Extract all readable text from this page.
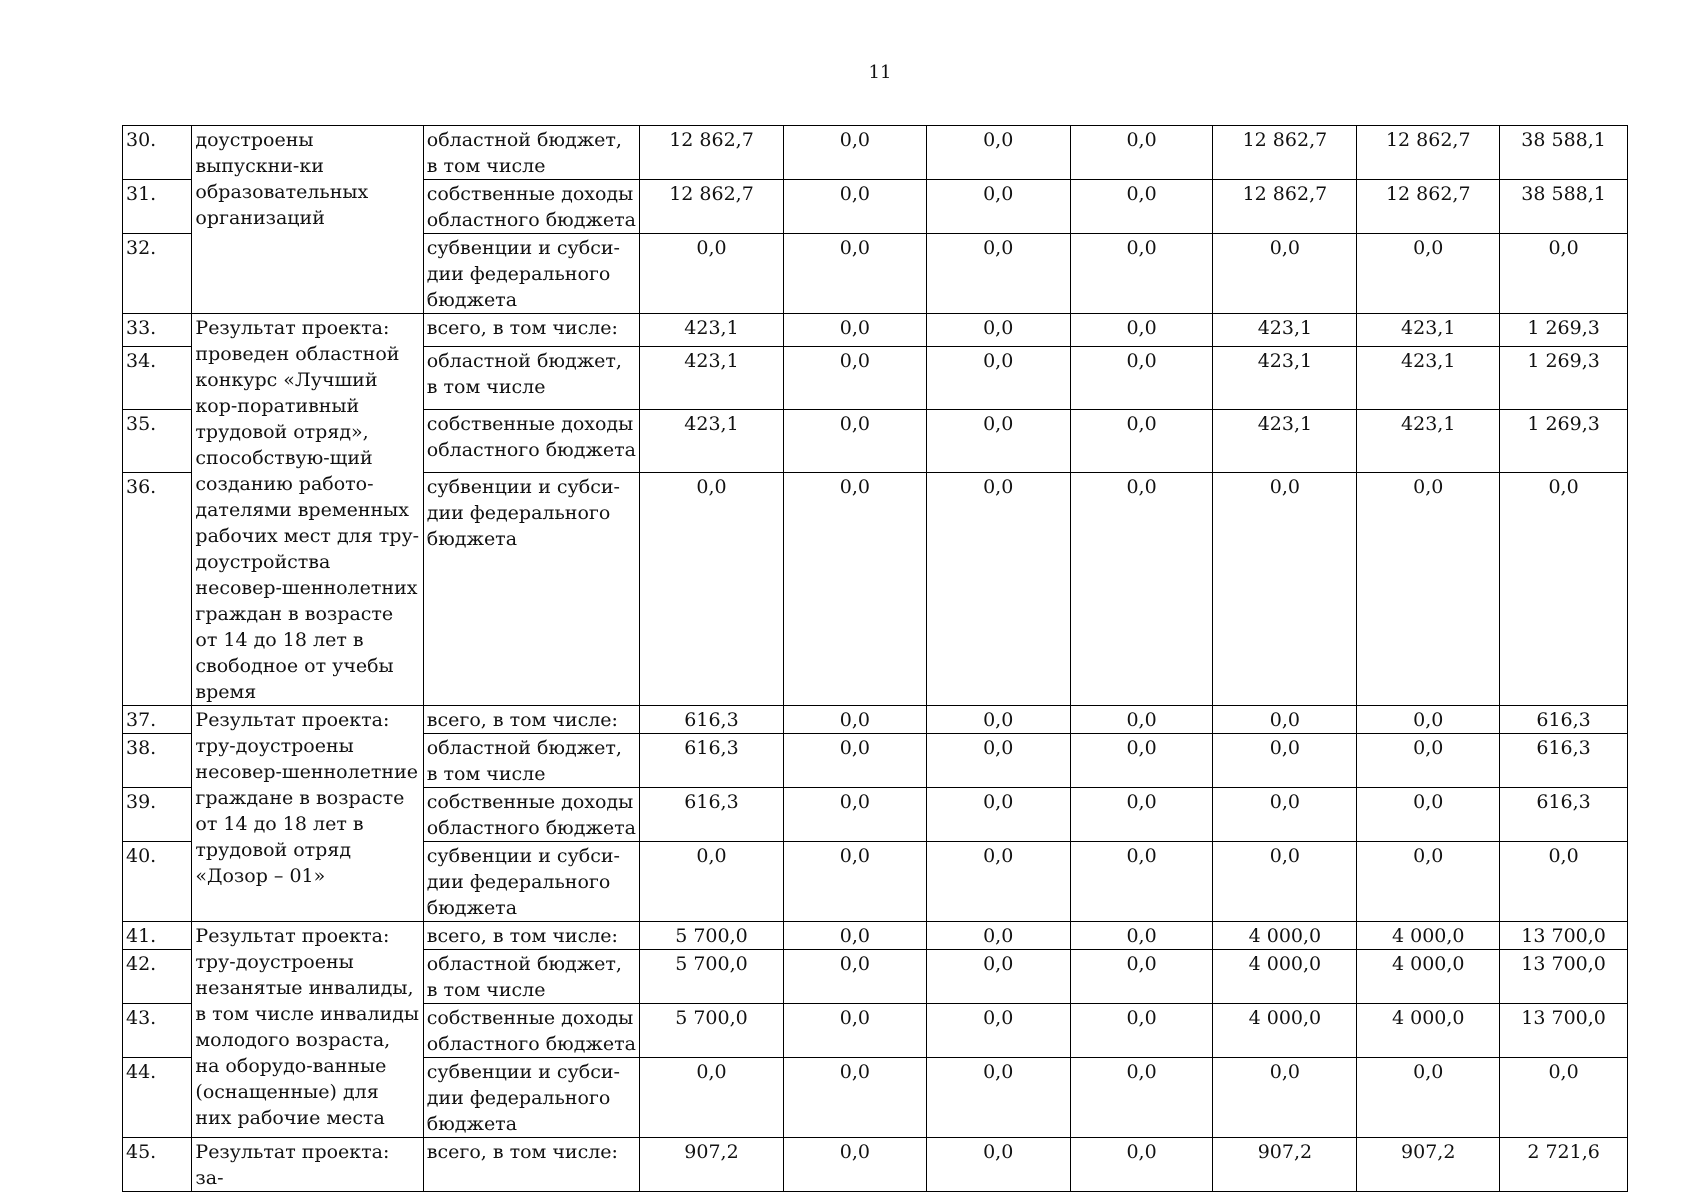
11
30.	доустроены выпускни-ки образовательных организаций	областной бюджет, в том числе	12 862,7	0,0	0,0	0,0	12 862,7	12 862,7	38 588,1
31.		собственные доходы областного бюджета	12 862,7	0,0	0,0	0,0	12 862,7	12 862,7	38 588,1
32.		субвенции и субси-дии федерального бюджета	0,0	0,0	0,0	0,0	0,0	0,0	0,0
33.	Результат проекта: проведен областной конкурс «Лучший кор-поративный трудовой отряд», способствую-щий созданию работо-дателями временных рабочих мест для тру-доустройства несовер-шеннолетних граждан в возрасте от 14 до 18 лет в свободное от учебы время	всего, в том числе:	423,1	0,0	0,0	0,0	423,1	423,1	1 269,3
34.		областной бюджет, в том числе	423,1	0,0	0,0	0,0	423,1	423,1	1 269,3
35.		собственные доходы областного бюджета	423,1	0,0	0,0	0,0	423,1	423,1	1 269,3
36.		субвенции и субси-дии федерального бюджета	0,0	0,0	0,0	0,0	0,0	0,0	0,0
37.	Результат проекта: тру-доустроены несовер-шеннолетние граждане в возрасте от 14 до 18 лет в трудовой отряд «Дозор – 01»	всего, в том числе:	616,3	0,0	0,0	0,0	0,0	0,0	616,3
38.		областной бюджет, в том числе	616,3	0,0	0,0	0,0	0,0	0,0	616,3
39.		собственные доходы областного бюджета	616,3	0,0	0,0	0,0	0,0	0,0	616,3
40.		субвенции и субси-дии федерального бюджета	0,0	0,0	0,0	0,0	0,0	0,0	0,0
41.	Результат проекта: тру-доустроены незанятые инвалиды, в том числе инвалиды молодого возраста, на оборудо-ванные (оснащенные) для них рабочие места	всего, в том числе:	5 700,0	0,0	0,0	0,0	4 000,0	4 000,0	13 700,0
42.		областной бюджет, в том числе	5 700,0	0,0	0,0	0,0	4 000,0	4 000,0	13 700,0
43.		собственные доходы областного бюджета	5 700,0	0,0	0,0	0,0	4 000,0	4 000,0	13 700,0
44.		субвенции и субси-дии федерального бюджета	0,0	0,0	0,0	0,0	0,0	0,0	0,0
45.	Результат проекта: за-	всего, в том числе:	907,2	0,0	0,0	0,0	907,2	907,2	2 721,6
